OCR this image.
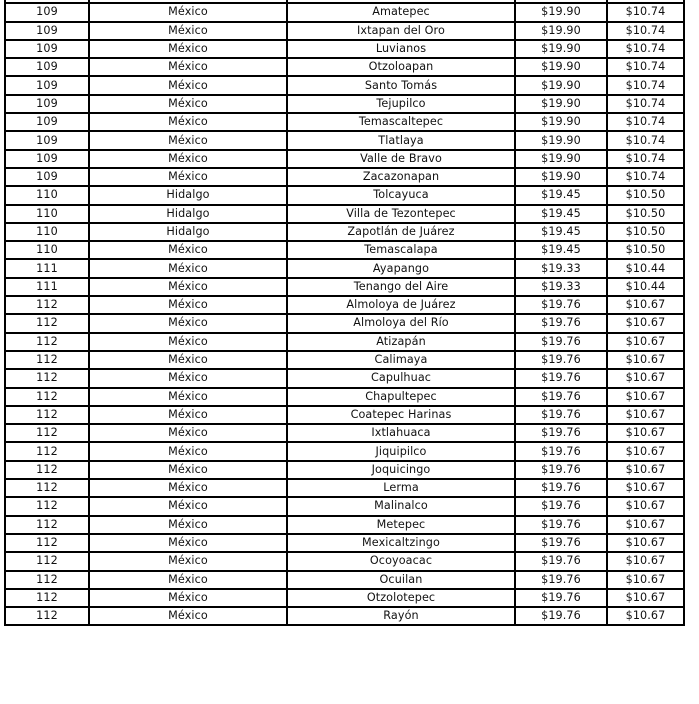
109	México	Amatepec	$19.90	$10.74
109	México	Ixtapan del Oro	$19.90	$10.74
109	México	Luvianos	$19.90	$10.74
109	México	Otzoloapan	$19.90	$10.74
109	México	Santo Tomás	$19.90	$10.74
109	México	Tejupilco	$19.90	$10.74
109	México	Temascaltepec	$19.90	$10.74
109	México	Tlatlaya	$19.90	$10.74
109	México	Valle de Bravo	$19.90	$10.74
109	México	Zacazonapan	$19.90	$10.74
110	Hidalgo	Tolcayuca	$19.45	$10.50
110	Hidalgo	Villa de Tezontepec	$19.45	$10.50
110	Hidalgo	Zapotlán de Juárez	$19.45	$10.50
110	México	Temascalapa	$19.45	$10.50
111	México	Ayapango	$19.33	$10.44
111	México	Tenango del Aire	$19.33	$10.44
112	México	Almoloya de Juárez	$19.76	$10.67
112	México	Almoloya del Río	$19.76	$10.67
112	México	Atizapán	$19.76	$10.67
112	México	Calimaya	$19.76	$10.67
112	México	Capulhuac	$19.76	$10.67
112	México	Chapultepec	$19.76	$10.67
112	México	Coatepec Harinas	$19.76	$10.67
112	México	Ixtlahuaca	$19.76	$10.67
112	México	Jiquipilco	$19.76	$10.67
112	México	Joquicingo	$19.76	$10.67
112	México	Lerma	$19.76	$10.67
112	México	Malinalco	$19.76	$10.67
112	México	Metepec	$19.76	$10.67
112	México	Mexicaltzingo	$19.76	$10.67
112	México	Ocoyoacac	$19.76	$10.67
112	México	Ocuilan	$19.76	$10.67
112	México	Otzolotepec	$19.76	$10.67
112	México	Rayón	$19.76	$10.67
